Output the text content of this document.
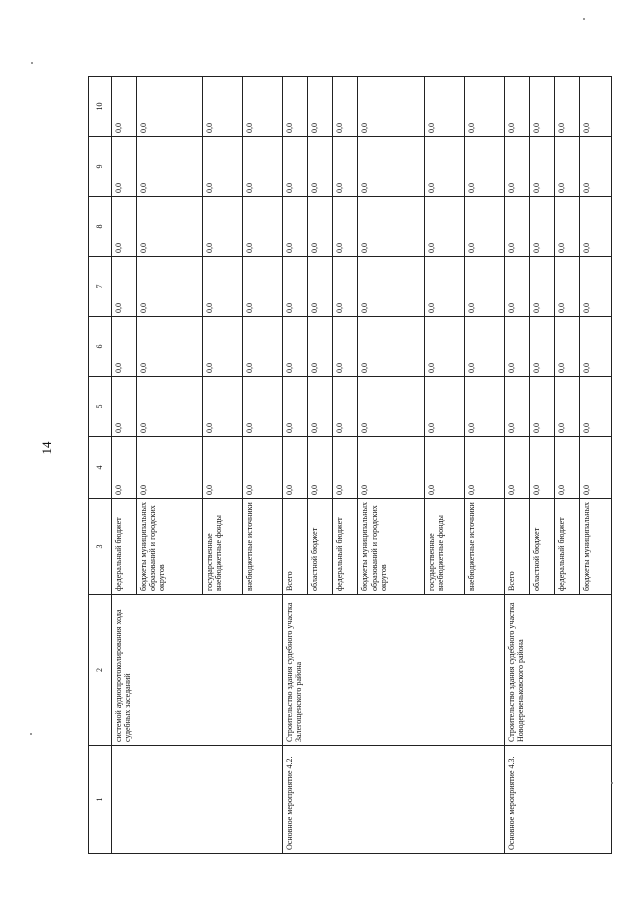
14
1	2	3	4	5	6	7	8	9	10
	системой аудиопротоколирования хода судебных заседаний	федеральный бюджет	0,0	0,0	0,0	0,0	0,0	0,0	0,0
		бюджеты муниципальных образований и городских округов	0,0	0,0	0,0	0,0	0,0	0,0	0,0
		государственные внебюджетные фонды	0,0	0,0	0,0	0,0	0,0	0,0	0,0
		внебюджетные источники	0,0	0,0	0,0	0,0	0,0	0,0	0,0
Основное мероприятие 4.2.	Строительство здания судебного участка Залегощенского района	Всего	0,0	0,0	0,0	0,0	0,0	0,0	0,0
		областной бюджет	0,0	0,0	0,0	0,0	0,0	0,0	0,0
		федеральный бюджет	0,0	0,0	0,0	0,0	0,0	0,0	0,0
		бюджеты муниципальных образований и городских округов	0,0	0,0	0,0	0,0	0,0	0,0	0,0
		государственные внебюджетные фонды	0,0	0,0	0,0	0,0	0,0	0,0	0,0
		внебюджетные источники	0,0	0,0	0,0	0,0	0,0	0,0	0,0
Основное мероприятие 4.3.	Строительство здания судебного участка Новодеревеньковского района	Всего	0,0	0,0	0,0	0,0	0,0	0,0	0,0
		областной бюджет	0,0	0,0	0,0	0,0	0,0	0,0	0,0
		федеральный бюджет	0,0	0,0	0,0	0,0	0,0	0,0	0,0
		бюджеты муниципальных	0,0	0,0	0,0	0,0	0,0	0,0	0,0
